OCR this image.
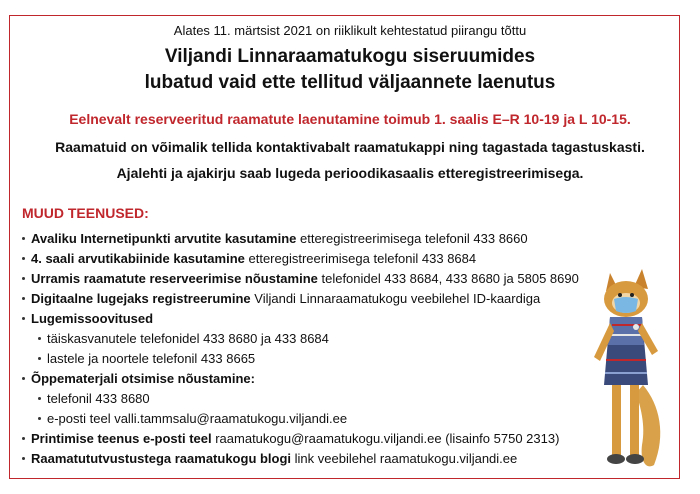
Alates 11. märtsist 2021 on riiklikult kehtestatud piirangu tõttu
Viljandi Linnaraamatukogu siseruumides
lubatud vaid ette tellitud väljaannete laenutus
Eelnevalt reserveeritud raamatute laenutamine toimub 1. saalis E–R 10-19 ja L 10-15.
Raamatuid on võimalik tellida kontaktivabalt raamatukappi ning tagastada tagastuskasti.
Ajalehti ja ajakirju saab lugeda perioodikasaalis etteregistreerimisega.
MUUD TEENUSED:
Avaliku Internetipunkti arvutite kasutamine etteregistreerimisega telefonil 433 8660
4. saali arvutikabiinide kasutamine etteregistreerimisega telefonil 433 8684
Urramis raamatute reserveerimise nõustamine telefonidel 433 8684, 433 8680 ja 5805 8690
Digitaalne lugejaks registreerumine Viljandi Linnaraamatukogu veebilehel ID-kaardiga
Lugemissoovitused
täiskasvanutele telefonidel 433 8680 ja 433 8684
lastele ja noortele telefonil 433 8665
Õppematerjali otsimise nõustamine:
telefonil 433 8680
e-posti teel valli.tammsalu@raamatukogu.viljandi.ee
Printimise teenus e-posti teel raamatukogu@raamatukogu.viljandi.ee (lisainfo 5750 2313)
Raamatututvustustega raamatukogu blogi link veebilehel raamatukogu.viljandi.ee
